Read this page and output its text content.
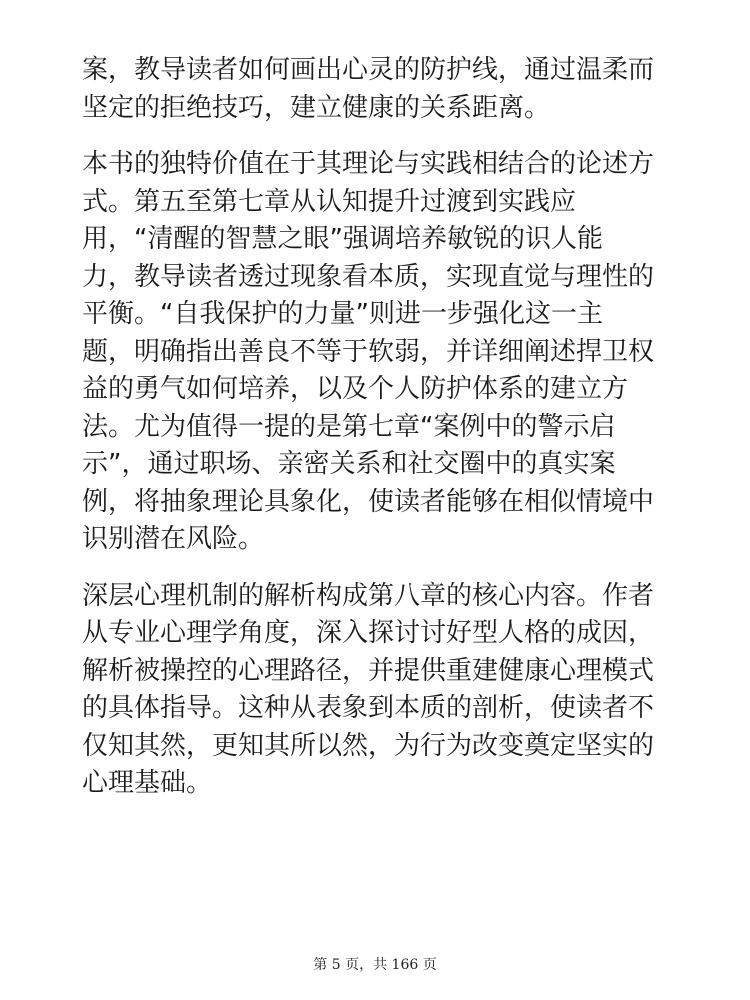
案，教导读者如何画出心灵的防护线，通过温柔而
坚定的拒绝技巧，建立健康的关系距离。
本书的独特价值在于其理论与实践相结合的论述方
式。第五至第七章从认知提升过渡到实践应
用，“清醒的智慧之眼”强调培养敏锐的识人能
力，教导读者透过现象看本质，实现直觉与理性的
平衡。“自我保护的力量”则进一步强化这一主
题，明确指出善良不等于软弱，并详细阐述捍卫权
益的勇气如何培养，以及个人防护体系的建立方
法。尤为值得一提的是第七章“案例中的警示启
示”，通过职场、亲密关系和社交圈中的真实案
例，将抽象理论具象化，使读者能够在相似情境中
识别潜在风险。
深层心理机制的解析构成第八章的核心内容。作者
从专业心理学角度，深入探讨讨好型人格的成因，
解析被操控的心理路径，并提供重建健康心理模式
的具体指导。这种从表象到本质的剖析，使读者不
仅知其然，更知其所以然，为行为改变奠定坚实的
心理基础。
第 5 页，共 166 页
